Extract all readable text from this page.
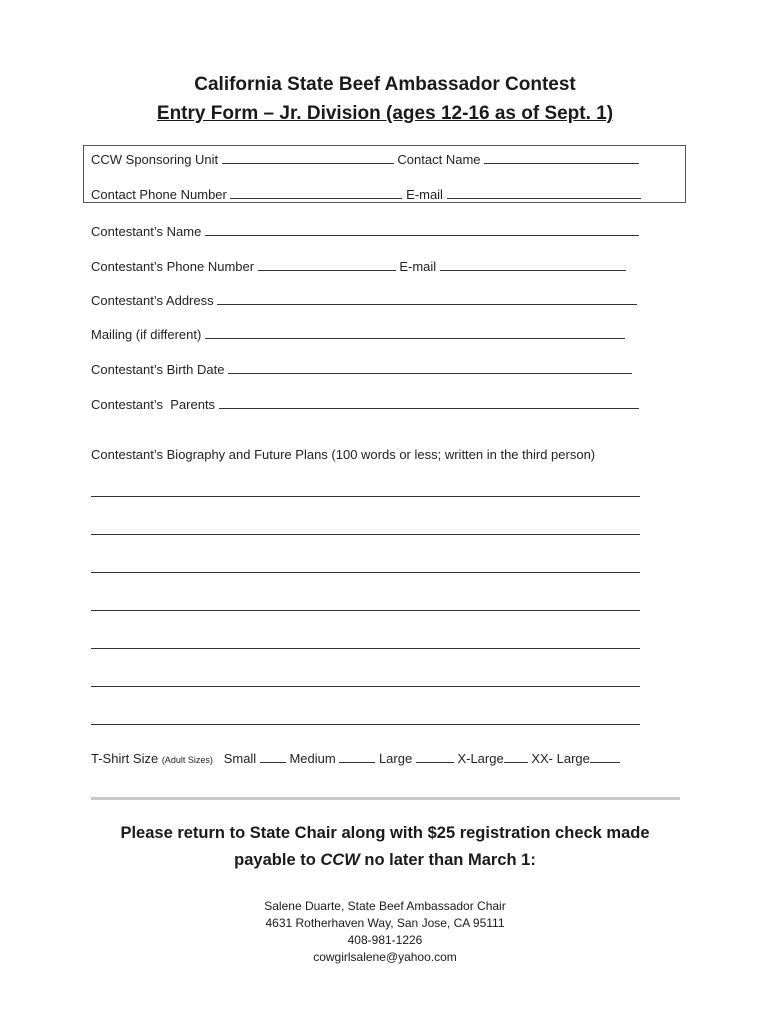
California State Beef Ambassador Contest
Entry Form – Jr. Division (ages 12-16 as of Sept. 1)
CCW Sponsoring Unit	Contact Name
Contact Phone Number	E-mail
Contestant’s Name
Contestant’s Phone Number	E-mail
Contestant’s Address
Mailing (if different)
Contestant’s Birth Date
Contestant’s  Parents
Contestant’s Biography and Future Plans (100 words or less; written in the third person)
T-Shirt Size (Adult Sizes) Small	Medium	Large	X-Large XX- Large
Please return to State Chair along with $25 registration check made
payable to CCW no later than March 1:
Salene Duarte, State Beef Ambassador Chair
4631 Rotherhaven Way, San Jose, CA 95111
408-981-1226
cowgirlsalene@yahoo.com
